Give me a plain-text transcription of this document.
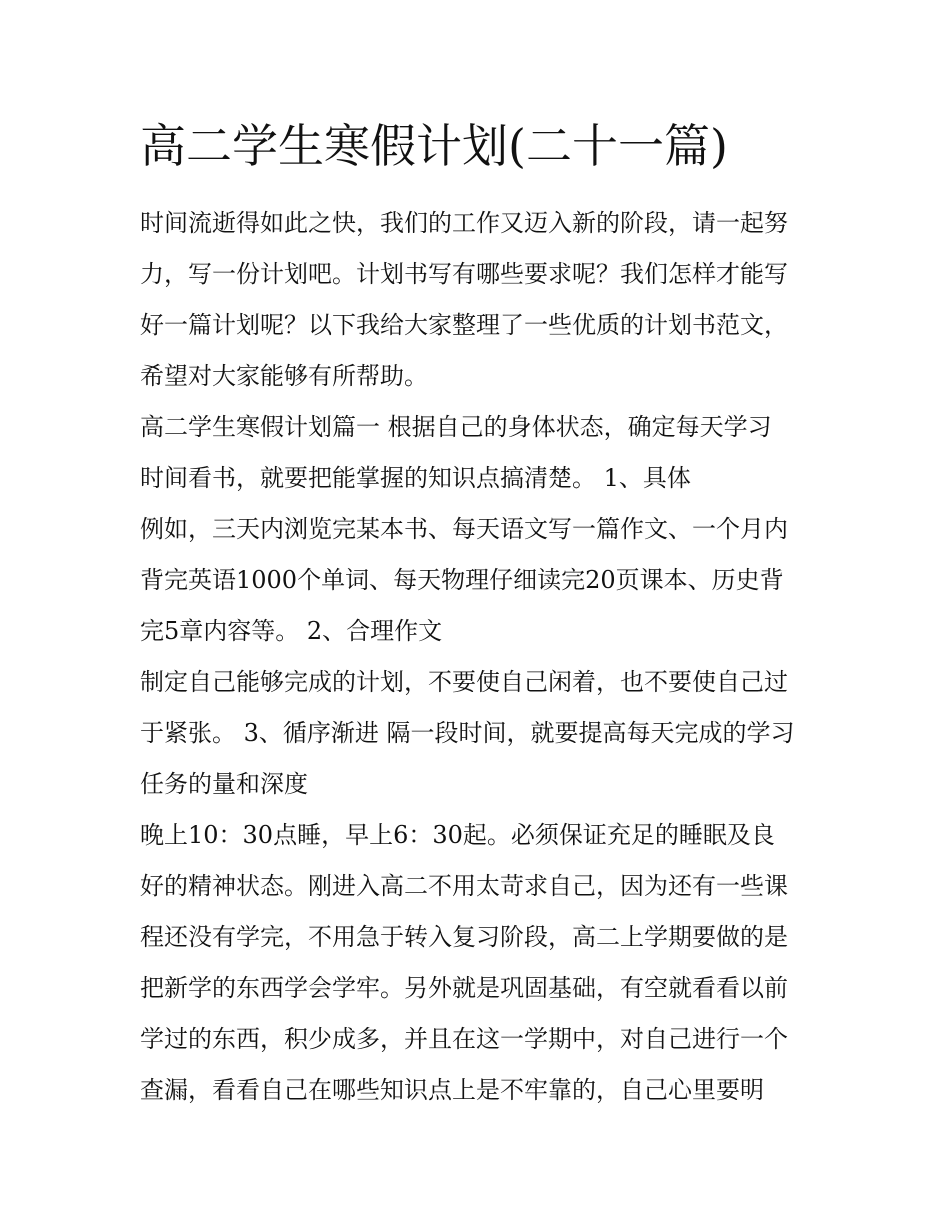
高二学生寒假计划(二十一篇)

时间流逝得如此之快，我们的工作又迈入新的阶段，请一起努

力，写一份计划吧。计划书写有哪些要求呢？我们怎样才能写

好一篇计划呢？以下我给大家整理了一些优质的计划书范文，

希望对大家能够有所帮助。

高二学生寒假计划篇一 根据自己的身体状态，确定每天学习

时间看书，就要把能掌握的知识点搞清楚。 1、具体

例如，三天内浏览完某本书、每天语文写一篇作文、一个月内

背完英语1000个单词、每天物理仔细读完20页课本、历史背

完5章内容等。 2、合理作文

制定自己能够完成的计划，不要使自己闲着，也不要使自己过

于紧张。 3、循序渐进 隔一段时间，就要提高每天完成的学习

任务的量和深度

晚上10：30点睡，早上6：30起。必须保证充足的睡眠及良

好的精神状态。刚进入高二不用太苛求自己，因为还有一些课

程还没有学完，不用急于转入复习阶段，高二上学期要做的是

把新学的东西学会学牢。另外就是巩固基础，有空就看看以前

学过的东西，积少成多，并且在这一学期中，对自己进行一个

查漏，看看自己在哪些知识点上是不牢靠的，自己心里要明
